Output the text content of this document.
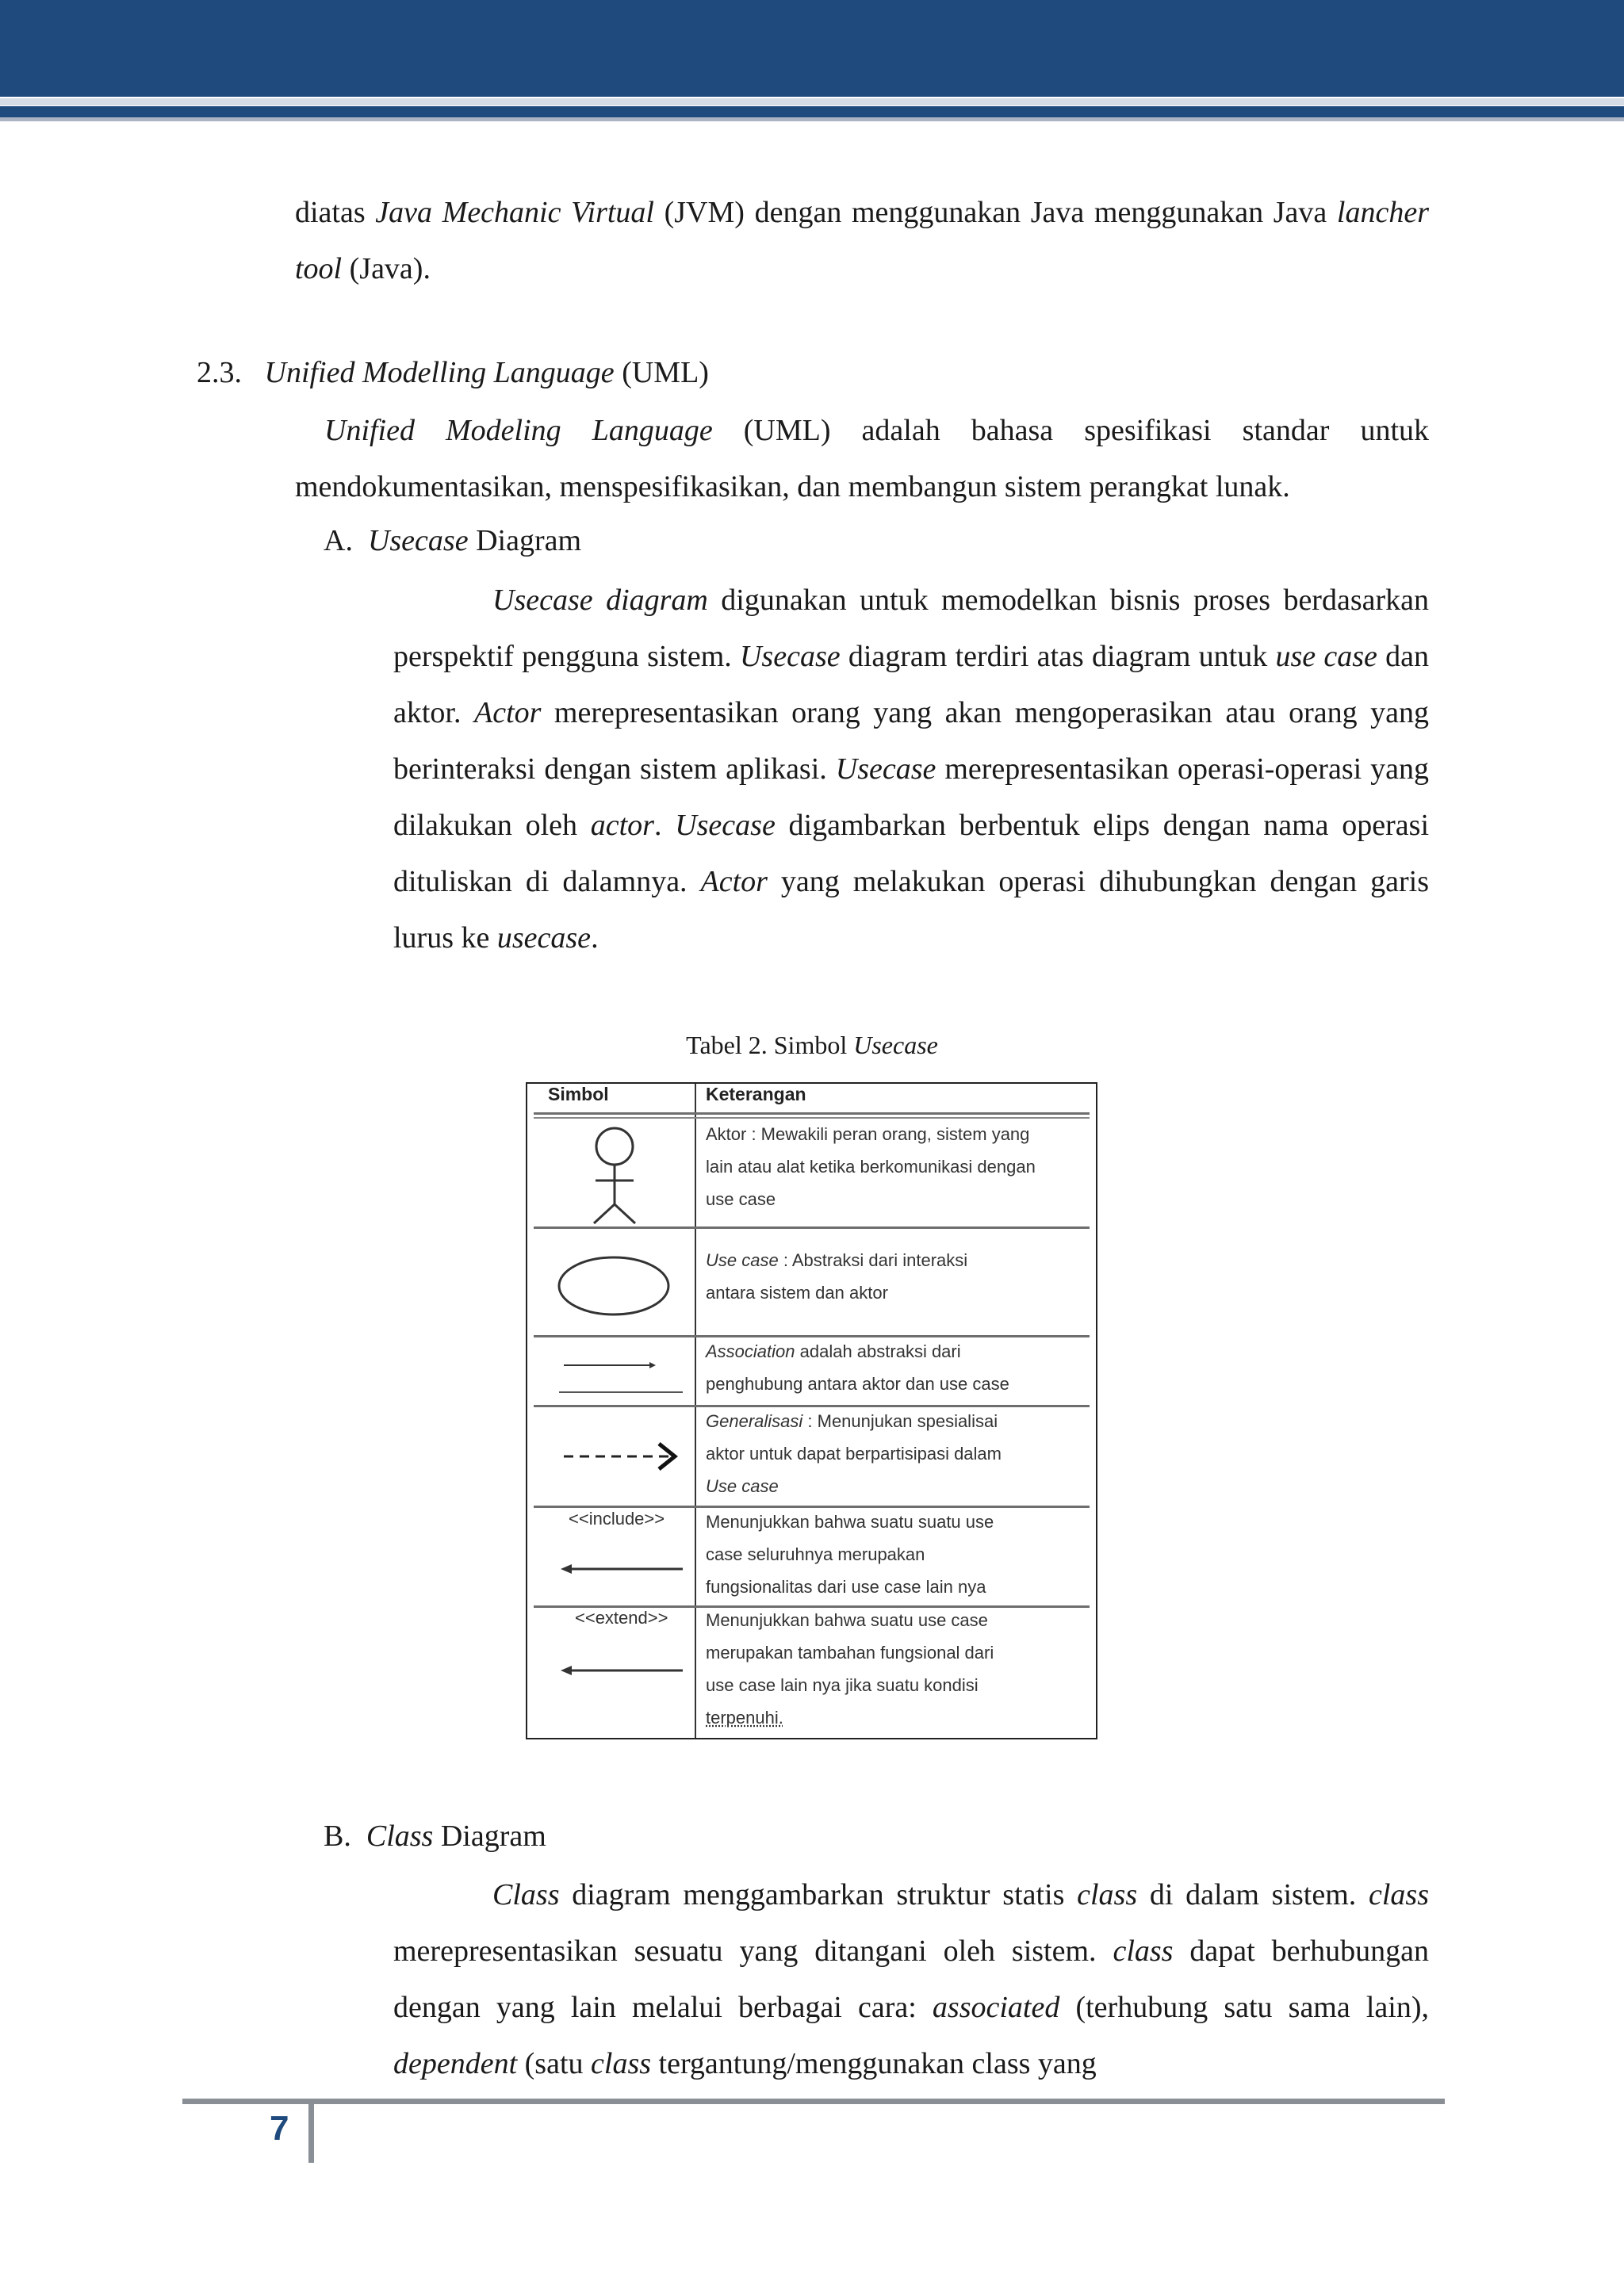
diatas Java Mechanic Virtual (JVM) dengan menggunakan Java menggunakan Java lancher tool (Java).

2.3. Unified Modelling Language (UML)

Unified Modeling Language (UML) adalah bahasa spesifikasi standar untuk mendokumentasikan, menspesifikasikan, dan membangun sistem perangkat lunak.

A. Usecase Diagram

Usecase diagram digunakan untuk memodelkan bisnis proses berdasarkan perspektif pengguna sistem. Usecase diagram terdiri atas diagram untuk use case dan aktor. Actor merepresentasikan orang yang akan mengoperasikan atau orang yang berinteraksi dengan sistem aplikasi. Usecase merepresentasikan operasi-operasi yang dilakukan oleh actor. Usecase digambarkan berbentuk elips dengan nama operasi dituliskan di dalamnya. Actor yang melakukan operasi dihubungkan dengan garis lurus ke usecase.

Tabel 2. Simbol Usecase
Simbol	Keterangan
Aktor : Mewakili peran orang, sistem yang
lain atau alat ketika berkomunikasi dengan
use case
Use case : Abstraksi dari interaksi
antara sistem dan aktor
Association adalah abstraksi dari
penghubung antara aktor dan use case
Generalisasi : Menunjukan spesialisai
aktor untuk dapat berpartisipasi dalam
Use case
<<include>> Menunjukkan bahwa suatu suatu use
case seluruhnya merupakan
fungsionalitas dari use case lain nya
<<extend>> Menunjukkan bahwa suatu use case
merupakan tambahan fungsional dari
use case lain nya jika suatu kondisi
terpenuhi.
B. Class Diagram

Class diagram menggambarkan struktur statis class di dalam sistem. class merepresentasikan sesuatu yang ditangani oleh sistem. class dapat berhubungan dengan yang lain melalui berbagai cara: associated (terhubung satu sama lain), dependent (satu class tergantung/menggunakan class yang

7
